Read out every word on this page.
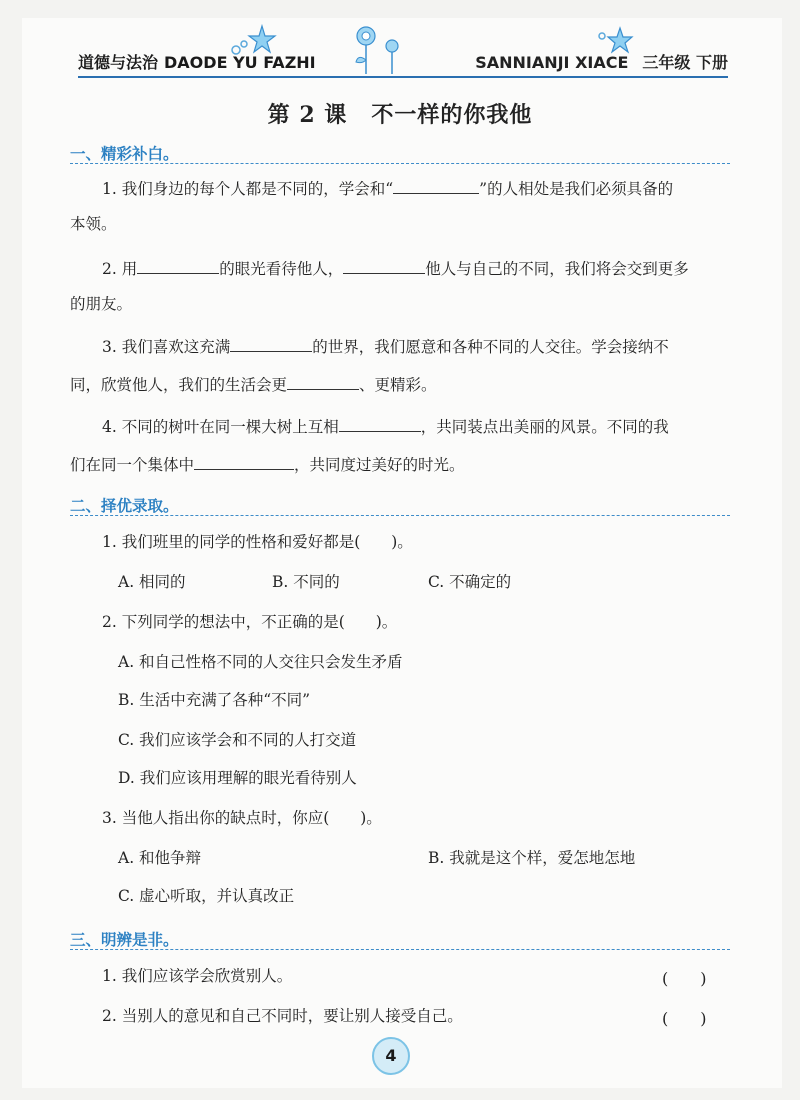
道德与法治 DAODE YU FAZHI	SANNIANJI XIACE 三年级 下册
第 2 课 不一样的你我他
一、精彩补白。
1. 我们身边的每个人都是不同的，学会和“	”的人相处是我们必须具备的
本领。
2. 用	的眼光看待他人，	他人与自己的不同，我们将会交到更多
的朋友。
3. 我们喜欢这充满	的世界，我们愿意和各种不同的人交往。学会接纳不
同，欣赏他人，我们的生活会更	、更精彩。
4. 不同的树叶在同一棵大树上互相	，共同装点出美丽的风景。不同的我
们在同一个集体中	，共同度过美好的时光。
二、择优录取。
1. 我们班里的同学的性格和爱好都是(　　)。
A. 相同的	B. 不同的	C. 不确定的
2. 下列同学的想法中，不正确的是(　　)。
A. 和自己性格不同的人交往只会发生矛盾
B. 生活中充满了各种“不同”
C. 我们应该学会和不同的人打交道
D. 我们应该用理解的眼光看待别人
3. 当他人指出你的缺点时，你应(　　)。
A. 和他争辩	B. 我就是这个样，爱怎地怎地
C. 虚心听取，并认真改正
三、明辨是非。
1. 我们应该学会欣赏别人。	(　　)
2. 当别人的意见和自己不同时，要让别人接受自己。	(　　)
4
